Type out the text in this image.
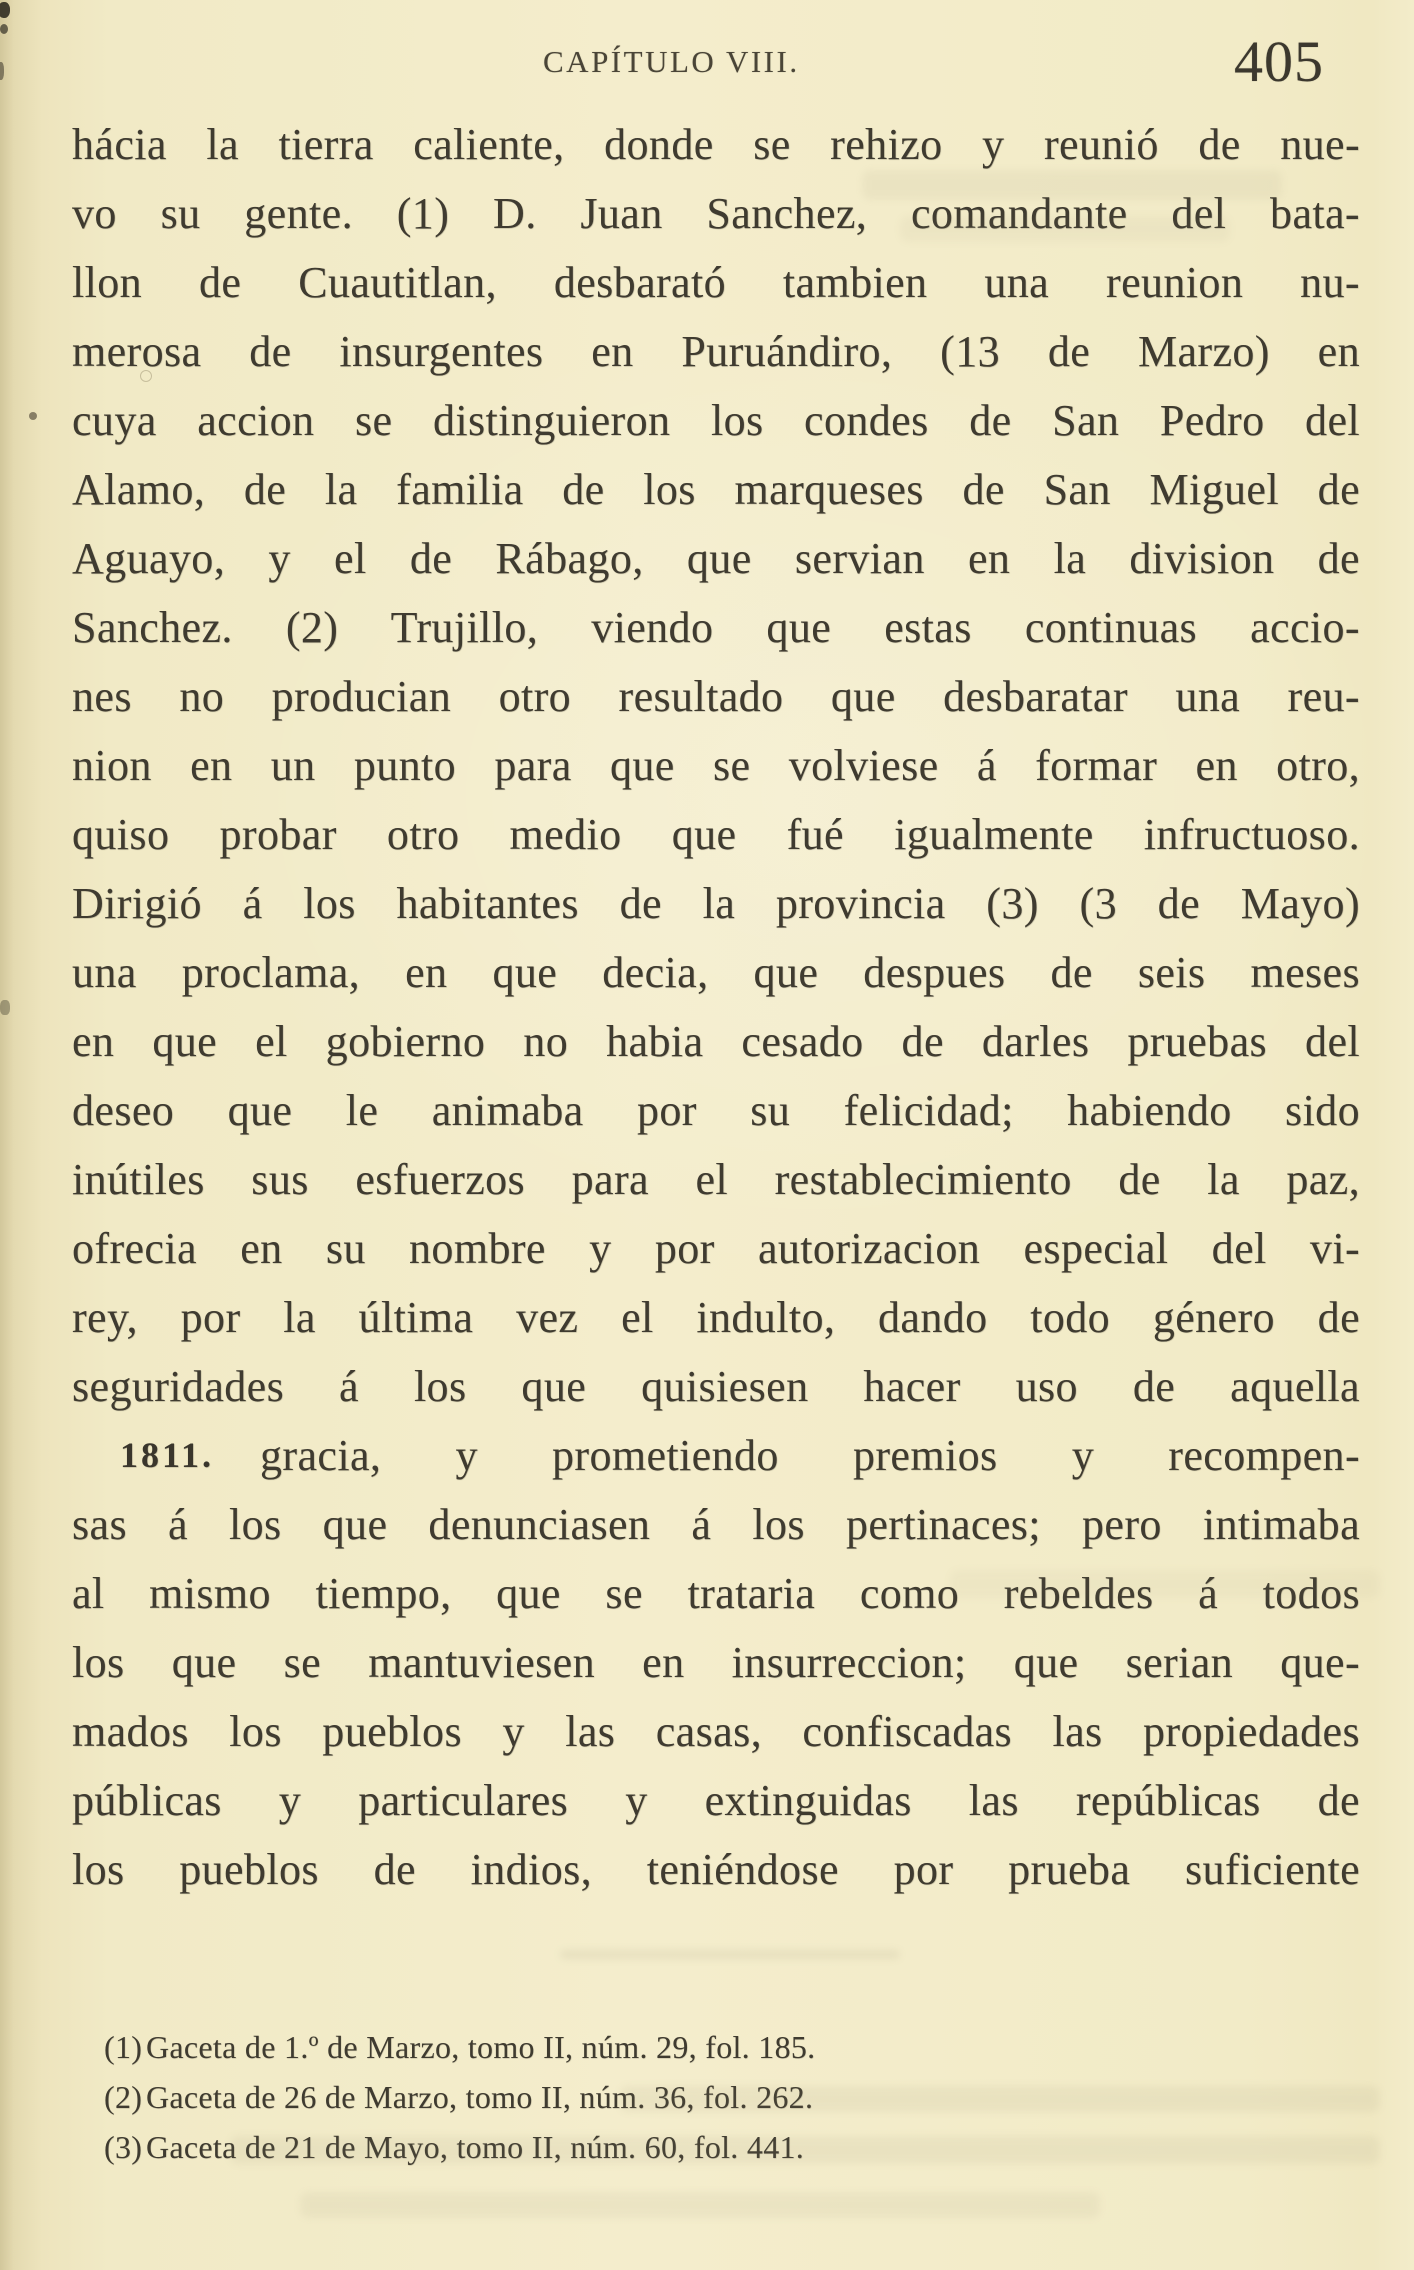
CAPÍTULO VIII.	405
hácia la tierra caliente, donde se rehizo y reunió de nue-
vo su gente. (1) D. Juan Sanchez, comandante del bata-
llon de Cuautitlan, desbarató tambien una reunion nu-
merosa de insurgentes en Puruándiro, (13 de Marzo) en
cuya accion se distinguieron los condes de San Pedro del
Alamo, de la familia de los marqueses de San Miguel de
Aguayo, y el de Rábago, que servian en la division de
Sanchez. (2) Trujillo, viendo que estas continuas accio-
nes no producian otro resultado que desbaratar una reu-
nion en un punto para que se volviese á formar en otro,
quiso probar otro medio que fué igualmente infructuoso.
Dirigió á los habitantes de la provincia (3) (3 de Mayo)
una proclama, en que decia, que despues de seis meses
en que el gobierno no habia cesado de darles pruebas del
deseo que le animaba por su felicidad; habiendo sido
inútiles sus esfuerzos para el restablecimiento de la paz,
ofrecia en su nombre y por autorizacion especial del vi-
rey, por la última vez el indulto, dando todo género de
seguridades á los que quisiesen hacer uso de aquella
1811. gracia, y prometiendo premios y recompen-
sas á los que denunciasen á los pertinaces; pero intimaba
al mismo tiempo, que se trataria como rebeldes á todos
los que se mantuviesen en insurreccion; que serian que-
mados los pueblos y las casas, confiscadas las propiedades
públicas y particulares y extinguidas las repúblicas de
los pueblos de indios, teniéndose por prueba suficiente
(1) Gaceta de 1.º de Marzo, tomo II, núm. 29, fol. 185.
(2) Gaceta de 26 de Marzo, tomo II, núm. 36, fol. 262.
(3) Gaceta de 21 de Mayo, tomo II, núm. 60, fol. 441.
